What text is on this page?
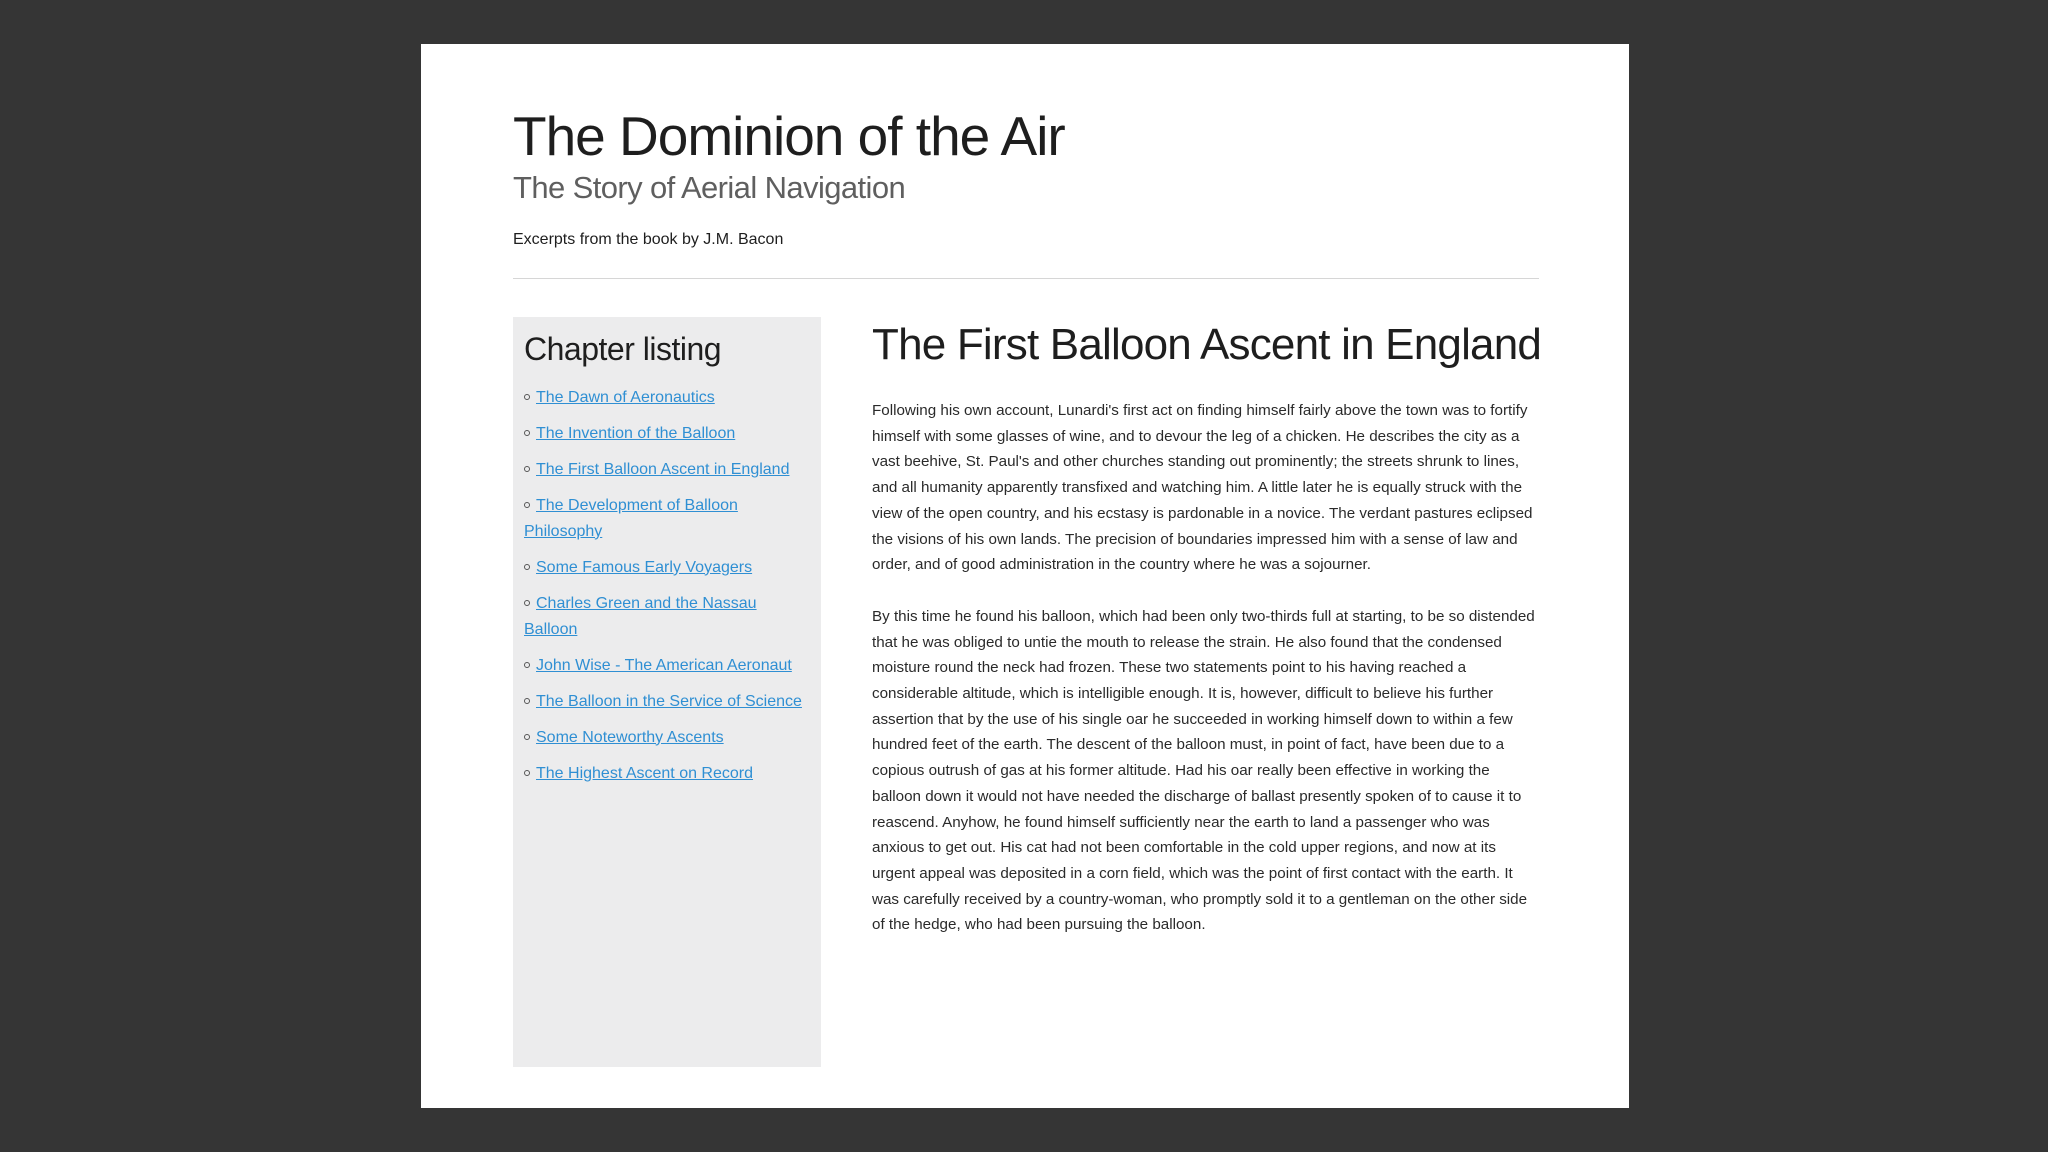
The Dominion of the Air
The Story of Aerial Navigation

Excerpts from the book by J.M. Bacon

Chapter listing
The Dawn of Aeronautics
The Invention of the Balloon
The First Balloon Ascent in England
The Development of Balloon Philosophy
Some Famous Early Voyagers
Charles Green and the Nassau Balloon
John Wise - The American Aeronaut
The Balloon in the Service of Science
Some Noteworthy Ascents
The Highest Ascent on Record
The First Balloon Ascent in England

Following his own account, Lunardi's first act on finding himself fairly above the town was to fortify himself with some glasses of wine, and to devour the leg of a chicken. He describes the city as a vast beehive, St. Paul's and other churches standing out prominently; the streets shrunk to lines, and all humanity apparently transfixed and watching him. A little later he is equally struck with the view of the open country, and his ecstasy is pardonable in a novice. The verdant pastures eclipsed the visions of his own lands. The precision of boundaries impressed him with a sense of law and order, and of good administration in the country where he was a sojourner.

By this time he found his balloon, which had been only two-thirds full at starting, to be so distended that he was obliged to untie the mouth to release the strain. He also found that the condensed moisture round the neck had frozen. These two statements point to his having reached a considerable altitude, which is intelligible enough. It is, however, difficult to believe his further assertion that by the use of his single oar he succeeded in working himself down to within a few hundred feet of the earth. The descent of the balloon must, in point of fact, have been due to a copious outrush of gas at his former altitude. Had his oar really been effective in working the balloon down it would not have needed the discharge of ballast presently spoken of to cause it to reascend. Anyhow, he found himself sufficiently near the earth to land a passenger who was anxious to get out. His cat had not been comfortable in the cold upper regions, and now at its urgent appeal was deposited in a corn field, which was the point of first contact with the earth. It was carefully received by a country-woman, who promptly sold it to a gentleman on the other side of the hedge, who had been pursuing the balloon.
